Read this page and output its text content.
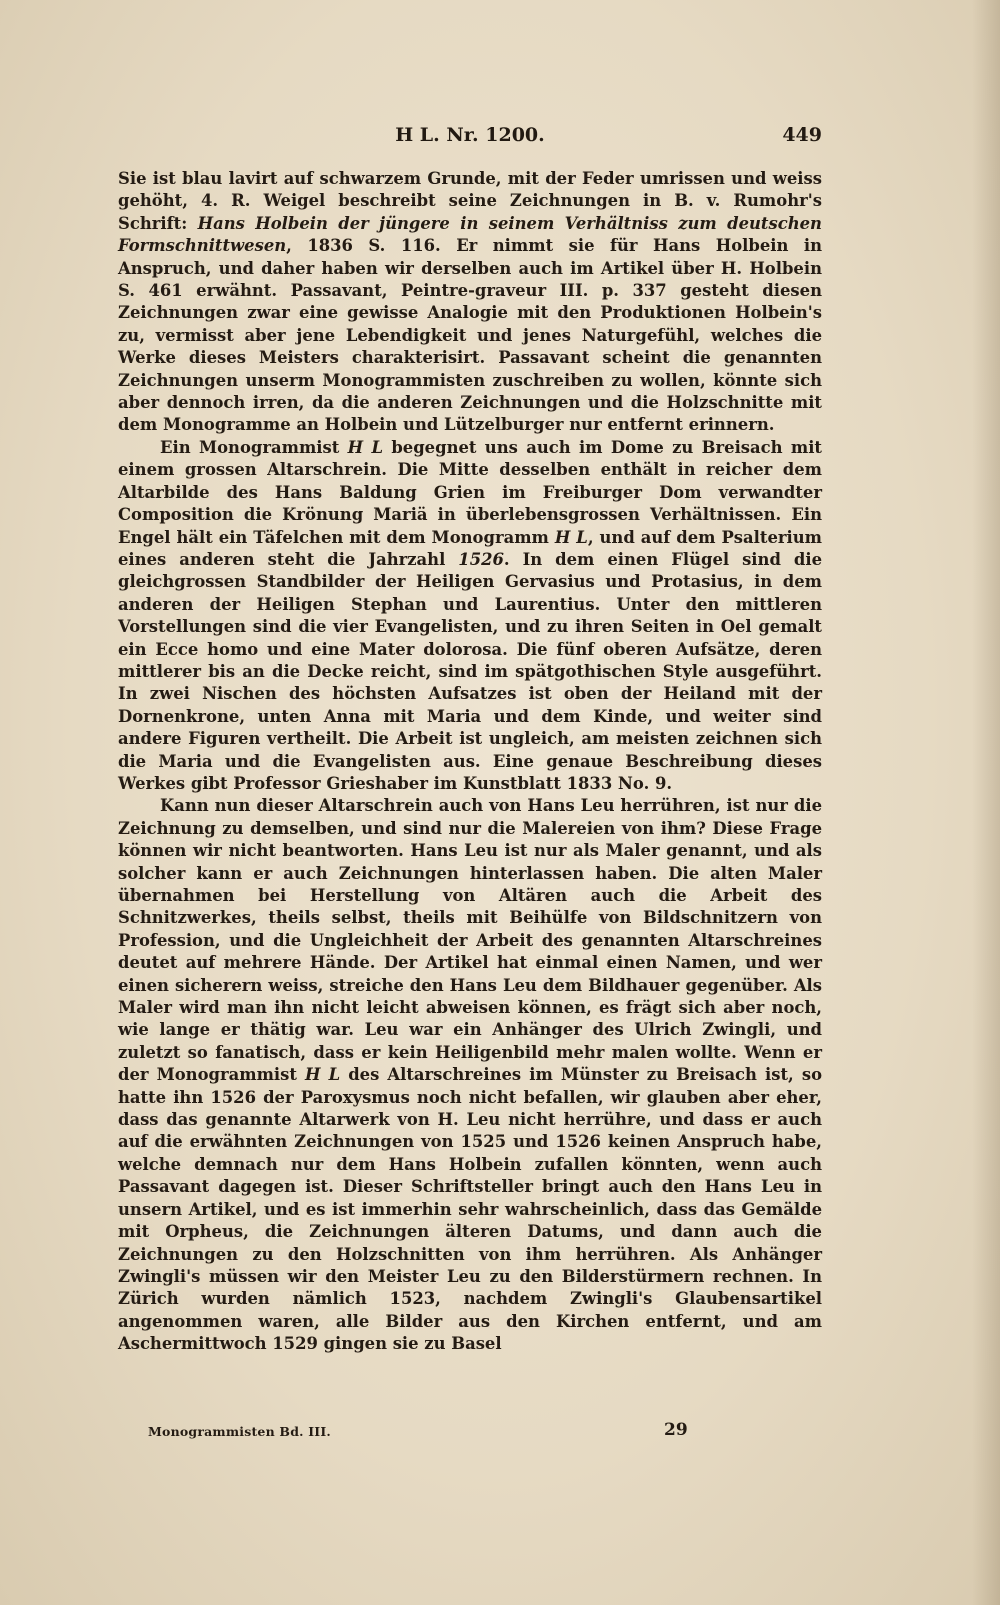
H L. Nr. 1200.	449

Sie ist blau lavirt auf schwarzem Grunde, mit der Feder umrissen und weiss gehöht, 4. R. Weigel beschreibt seine Zeichnungen in B. v. Rumohr's Schrift: Hans Holbein der jüngere in seinem Verhältniss zum deutschen Formschnittwesen, 1836 S. 116. Er nimmt sie für Hans Holbein in Anspruch, und daher haben wir derselben auch im Artikel über H. Holbein S. 461 erwähnt. Passavant, Peintre-graveur III. p. 337 gesteht diesen Zeichnungen zwar eine gewisse Analogie mit den Produktionen Holbein's zu, vermisst aber jene Lebendigkeit und jenes Naturgefühl, welches die Werke dieses Meisters charakterisirt. Passavant scheint die genannten Zeichnungen unserm Monogrammisten zuschreiben zu wollen, könnte sich aber dennoch irren, da die anderen Zeichnungen und die Holzschnitte mit dem Monogramme an Holbein und Lützelburger nur entfernt erinnern.

Ein Monogrammist H L begegnet uns auch im Dome zu Breisach mit einem grossen Altarschrein. Die Mitte desselben enthält in reicher dem Altarbilde des Hans Baldung Grien im Freiburger Dom verwandter Composition die Krönung Mariä in überlebensgrossen Verhältnissen. Ein Engel hält ein Täfelchen mit dem Monogramm H L, und auf dem Psalterium eines anderen steht die Jahrzahl 1526. In dem einen Flügel sind die gleichgrossen Standbilder der Heiligen Gervasius und Protasius, in dem anderen der Heiligen Stephan und Laurentius. Unter den mittleren Vorstellungen sind die vier Evangelisten, und zu ihren Seiten in Oel gemalt ein Ecce homo und eine Mater dolorosa. Die fünf oberen Aufsätze, deren mittlerer bis an die Decke reicht, sind im spätgothischen Style ausgeführt. In zwei Nischen des höchsten Aufsatzes ist oben der Heiland mit der Dornenkrone, unten Anna mit Maria und dem Kinde, und weiter sind andere Figuren vertheilt. Die Arbeit ist ungleich, am meisten zeichnen sich die Maria und die Evangelisten aus. Eine genaue Beschreibung dieses Werkes gibt Professor Grieshaber im Kunstblatt 1833 No. 9.

Kann nun dieser Altarschrein auch von Hans Leu herrühren, ist nur die Zeichnung zu demselben, und sind nur die Malereien von ihm? Diese Frage können wir nicht beantworten. Hans Leu ist nur als Maler genannt, und als solcher kann er auch Zeichnungen hinterlassen haben. Die alten Maler übernahmen bei Herstellung von Altären auch die Arbeit des Schnitzwerkes, theils selbst, theils mit Beihülfe von Bildschnitzern von Profession, und die Ungleichheit der Arbeit des genannten Altarschreines deutet auf mehrere Hände. Der Artikel hat einmal einen Namen, und wer einen sicherern weiss, streiche den Hans Leu dem Bildhauer gegenüber. Als Maler wird man ihn nicht leicht abweisen können, es frägt sich aber noch, wie lange er thätig war. Leu war ein Anhänger des Ulrich Zwingli, und zuletzt so fanatisch, dass er kein Heiligenbild mehr malen wollte. Wenn er der Monogrammist H L des Altarschreines im Münster zu Breisach ist, so hatte ihn 1526 der Paroxysmus noch nicht befallen, wir glauben aber eher, dass das genannte Altarwerk von H. Leu nicht herrühre, und dass er auch auf die erwähnten Zeichnungen von 1525 und 1526 keinen Anspruch habe, welche demnach nur dem Hans Holbein zufallen könnten, wenn auch Passavant dagegen ist. Dieser Schriftsteller bringt auch den Hans Leu in unsern Artikel, und es ist immerhin sehr wahrscheinlich, dass das Gemälde mit Orpheus, die Zeichnungen älteren Datums, und dann auch die Zeichnungen zu den Holzschnitten von ihm herrühren. Als Anhänger Zwingli's müssen wir den Meister Leu zu den Bilderstürmern rechnen. In Zürich wurden nämlich 1523, nachdem Zwingli's Glaubensartikel angenommen waren, alle Bilder aus den Kirchen entfernt, und am Aschermittwoch 1529 gingen sie zu Basel

Monogrammisten Bd. III.	29
